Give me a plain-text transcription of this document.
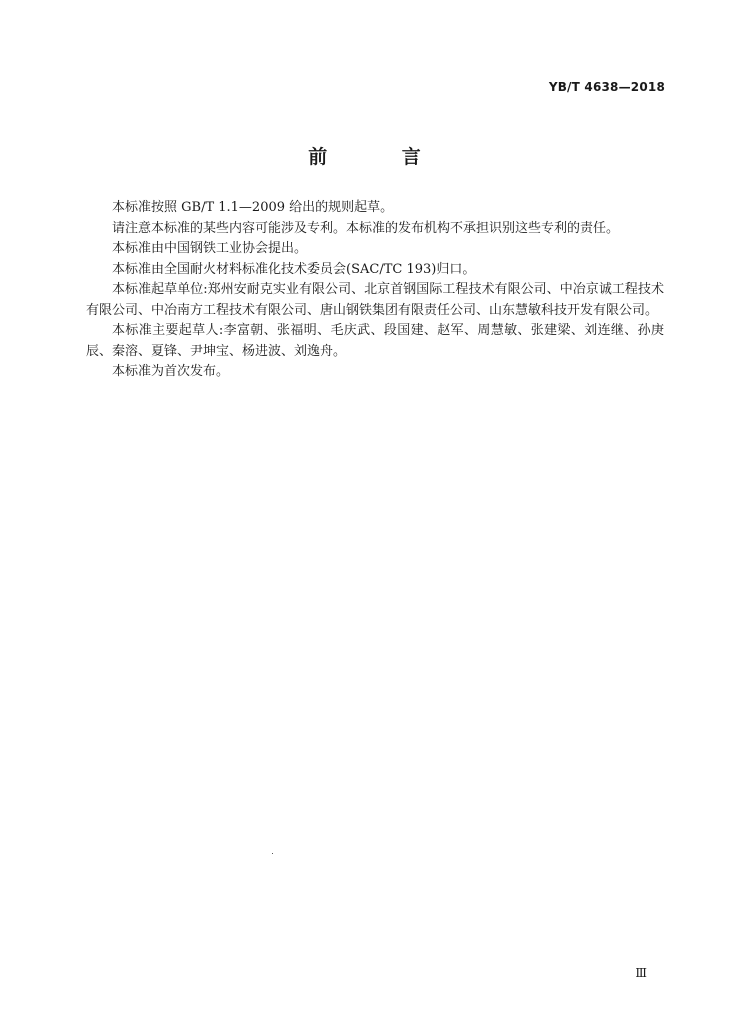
YB/T 4638—2018
前 言

本标准按照 GB/T 1.1—2009 给出的规则起草。

请注意本标准的某些内容可能涉及专利。本标准的发布机构不承担识别这些专利的责任。

本标准由中国钢铁工业协会提出。

本标准由全国耐火材料标准化技术委员会(SAC/TC 193)归口。

本标准起草单位:郑州安耐克实业有限公司、北京首钢国际工程技术有限公司、中冶京诚工程技术有限公司、中冶南方工程技术有限公司、唐山钢铁集团有限责任公司、山东慧敏科技开发有限公司。

本标准主要起草人:李富朝、张福明、毛庆武、段国建、赵军、周慧敏、张建梁、刘连继、孙庚辰、秦溶、夏锋、尹坤宝、杨进波、刘逸舟。

本标准为首次发布。

Ⅲ
